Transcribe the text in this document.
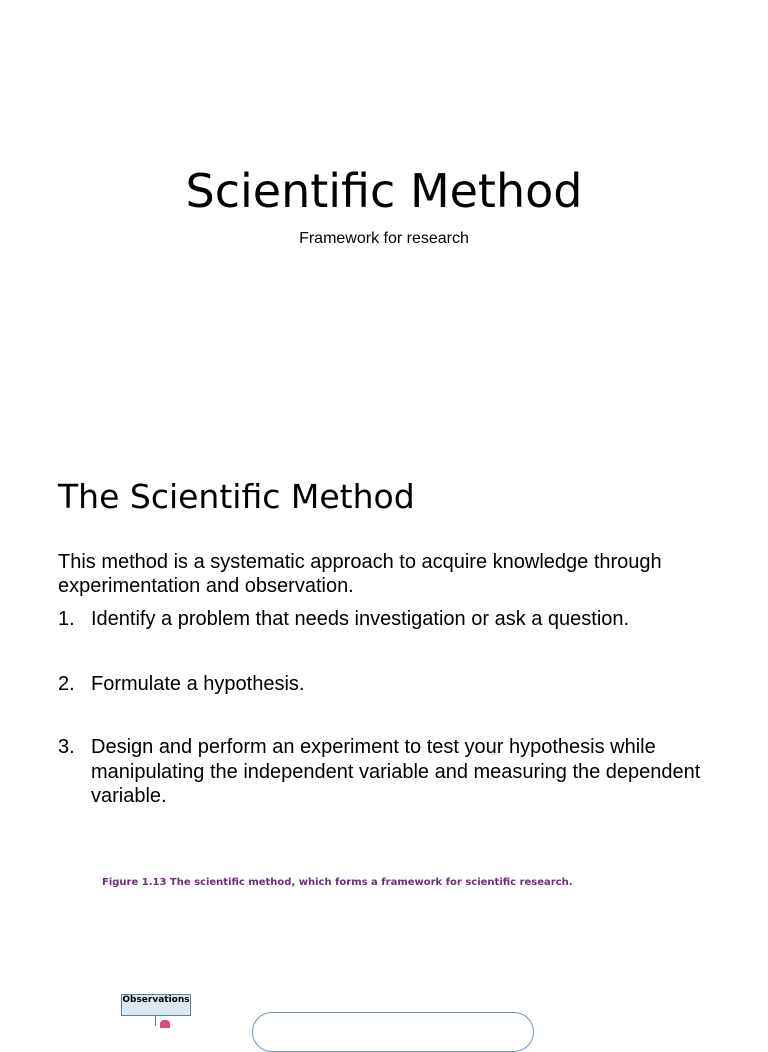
Scientific Method
Framework for research
The Scientific Method
This method is a systematic approach to acquire knowledge through experimentation and observation.
1. Identify a problem that needs investigation or ask a question.
2. Formulate a hypothesis.
3. Design and perform an experiment to test your hypothesis while manipulating the independent variable and measuring the dependent variable.
Figure 1.13 The scientific method, which forms a framework for scientific research.
Observations
